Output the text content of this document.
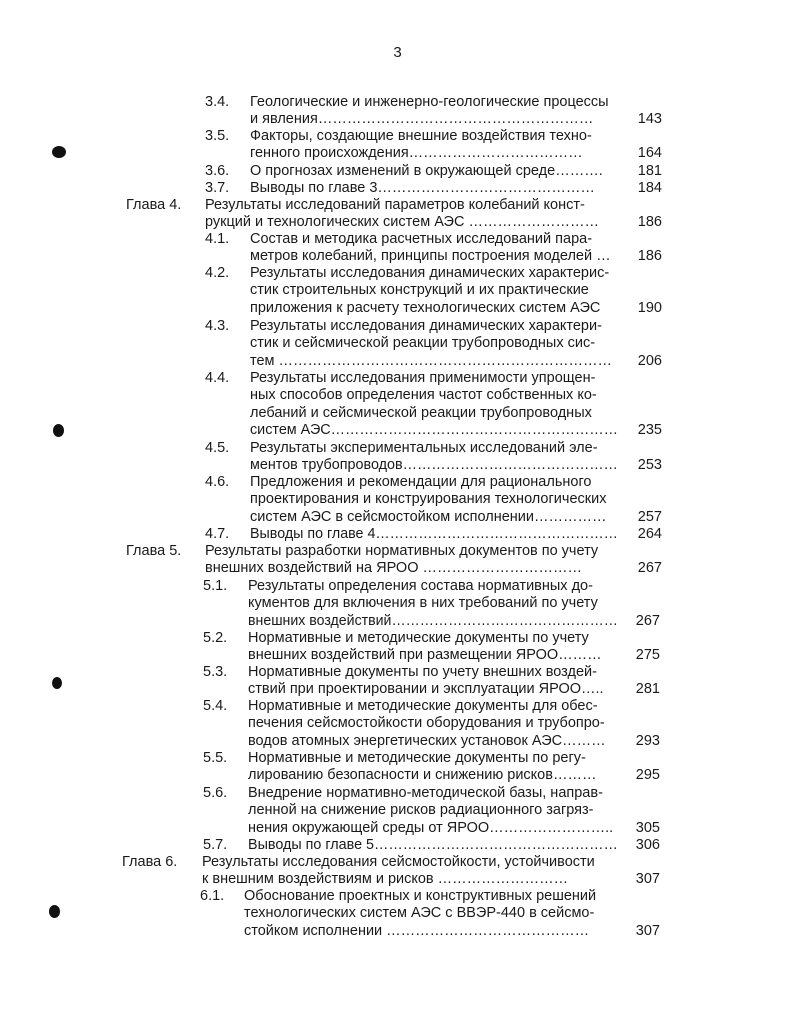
3
3.4. Геологические и инженерно-геологические процессы
и явления…………………………………………………	143
3.5. Факторы, создающие внешние воздействия техно-
генного происхождения………………………………	164
3.6. О прогнозах изменений в окружающей среде……….	181
3.7. Выводы по главе 3………………………………………	184
Глава 4. Результаты исследований параметров колебаний конст-
рукций и технологических систем АЭС ………………………	186
4.1. Состав и методика расчетных исследований пара-
метров колебаний, принципы построения моделей …	186
4.2. Результаты исследования динамических характерис-
стик строительных конструкций и их практические
приложения к расчету технологических систем АЭС	190
4.3. Результаты исследования динамических характери-
стик и сейсмической реакции трубопроводных сис-
тем ……………………………………………………………	206
4.4. Результаты исследования применимости упрощен-
ных способов определения частот собственных ко-
лебаний и сейсмической реакции трубопроводных
систем АЭС……………………………………………………	235
4.5. Результаты экспериментальных исследований эле-
ментов трубопроводов………………………………………	253
4.6. Предложения и рекомендации для рационального
проектирования и конструирования технологических
систем АЭС в сейсмостойком исполнении……………	257
4.7. Выводы по главе 4……………………………………………	264
Глава 5. Результаты разработки нормативных документов по учету
внешних воздействий на ЯРОО ……………………………	267
5.1. Результаты определения состава нормативных до-
кументов для включения в них требований по учету
внешних воздействий…………………………………………	267
5.2. Нормативные и методические документы по учету
внешних воздействий при размещении ЯРОО………	275
5.3. Нормативные документы по учету внешних воздей-
ствий при проектировании и эксплуатации ЯРОО…..	281
5.4. Нормативные и методические документы для обес-
печения сейсмостойкости оборудования и трубопро-
водов атомных энергетических установок АЭС………	293
5.5. Нормативные и методические документы по регу-
лированию безопасности и снижению рисков………	295
5.6. Внедрение нормативно-методической базы, направ-
ленной на снижение рисков радиационного загряз-
нения окружающей среды от ЯРОО……………………..	305
5.7. Выводы по главе 5……………………………………………	306
Глава 6. Результаты исследования сейсмостойкости, устойчивости
к внешним воздействиям и рисков ………………………	307
6.1. Обоснование проектных и конструктивных решений
технологических систем АЭС с ВВЭР-440 в сейсмо-
стойком исполнении ……………………………………	307
